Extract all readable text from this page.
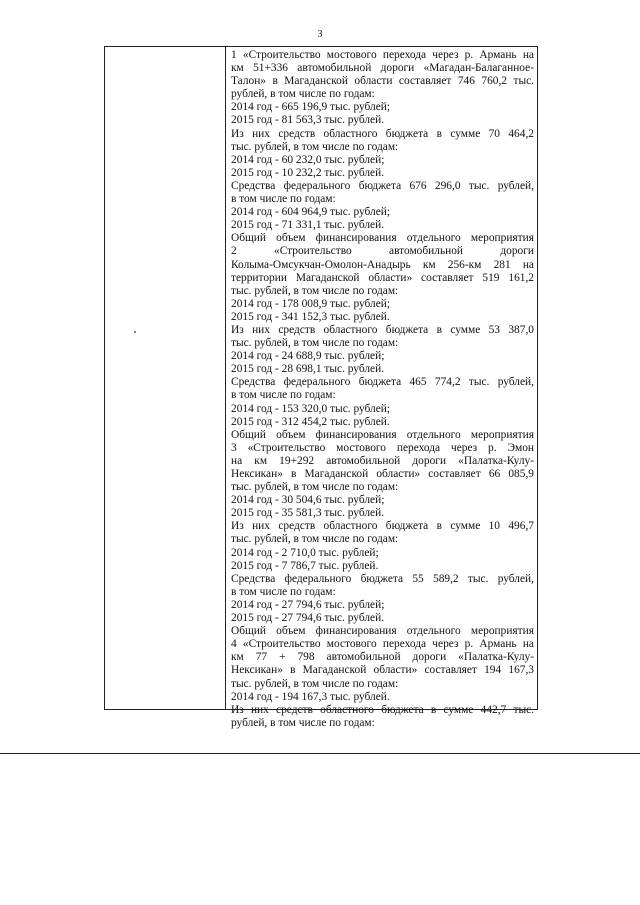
3
1 «Строительство мостового перехода через р. Армань на
км 51+336 автомобильной дороги «Магадан-Балаганное-
Талон» в Магаданской области составляет 746 760,2 тыс.
рублей, в том числе по годам:
2014 год - 665 196,9 тыс. рублей;
2015 год - 81 563,3 тыс. рублей.
Из них средств областного бюджета в сумме 70 464,2
тыс. рублей, в том числе по годам:
2014 год - 60 232,0 тыс. рублей;
2015 год - 10 232,2 тыс. рублей.
Средства федерального бюджета 676 296,0 тыс. рублей,
в том числе по годам:
2014 год - 604 964,9 тыс. рублей;
2015 год - 71 331,1 тыс. рублей.
Общий объем финансирования отдельного мероприятия
2 «Строительство автомобильной дороги
Колыма-Омсукчан-Омолон-Анадырь км 256-км 281 на
территории Магаданской области» составляет 519 161,2
тыс. рублей, в том числе по годам:
2014 год - 178 008,9 тыс. рублей;
2015 год - 341 152,3 тыс. рублей.
Из них средств областного бюджета в сумме 53 387,0
тыс. рублей, в том числе по годам:
2014 год - 24 688,9 тыс. рублей;
2015 год - 28 698,1 тыс. рублей.
Средства федерального бюджета 465 774,2 тыс. рублей,
в том числе по годам:
2014 год - 153 320,0 тыс. рублей;
2015 год - 312 454,2 тыс. рублей.
Общий объем финансирования отдельного мероприятия
3 «Строительство мостового перехода через р. Эмон
на км 19+292 автомобильной дороги «Палатка-Кулу-
Нексикан» в Магаданской области» составляет 66 085,9
тыс. рублей, в том числе по годам:
2014 год - 30 504,6 тыс. рублей;
2015 год - 35 581,3 тыс. рублей.
Из них средств областного бюджета в сумме 10 496,7
тыс. рублей, в том числе по годам:
2014 год - 2 710,0 тыс. рублей;
2015 год - 7 786,7 тыс. рублей.
Средства федерального бюджета 55 589,2 тыс. рублей,
в том числе по годам:
2014 год - 27 794,6 тыс. рублей;
2015 год - 27 794,6 тыс. рублей.
Общий объем финансирования отдельного мероприятия
4 «Строительство мостового перехода через р. Армань на
км 77 + 798 автомобильной дороги «Палатка-Кулу-
Нексикан» в Магаданской области» составляет 194 167,3
тыс. рублей, в том числе по годам:
2014 год - 194 167,3 тыс. рублей.
Из них средств областного бюджета в сумме 442,7 тыс.
рублей, в том числе по годам:
